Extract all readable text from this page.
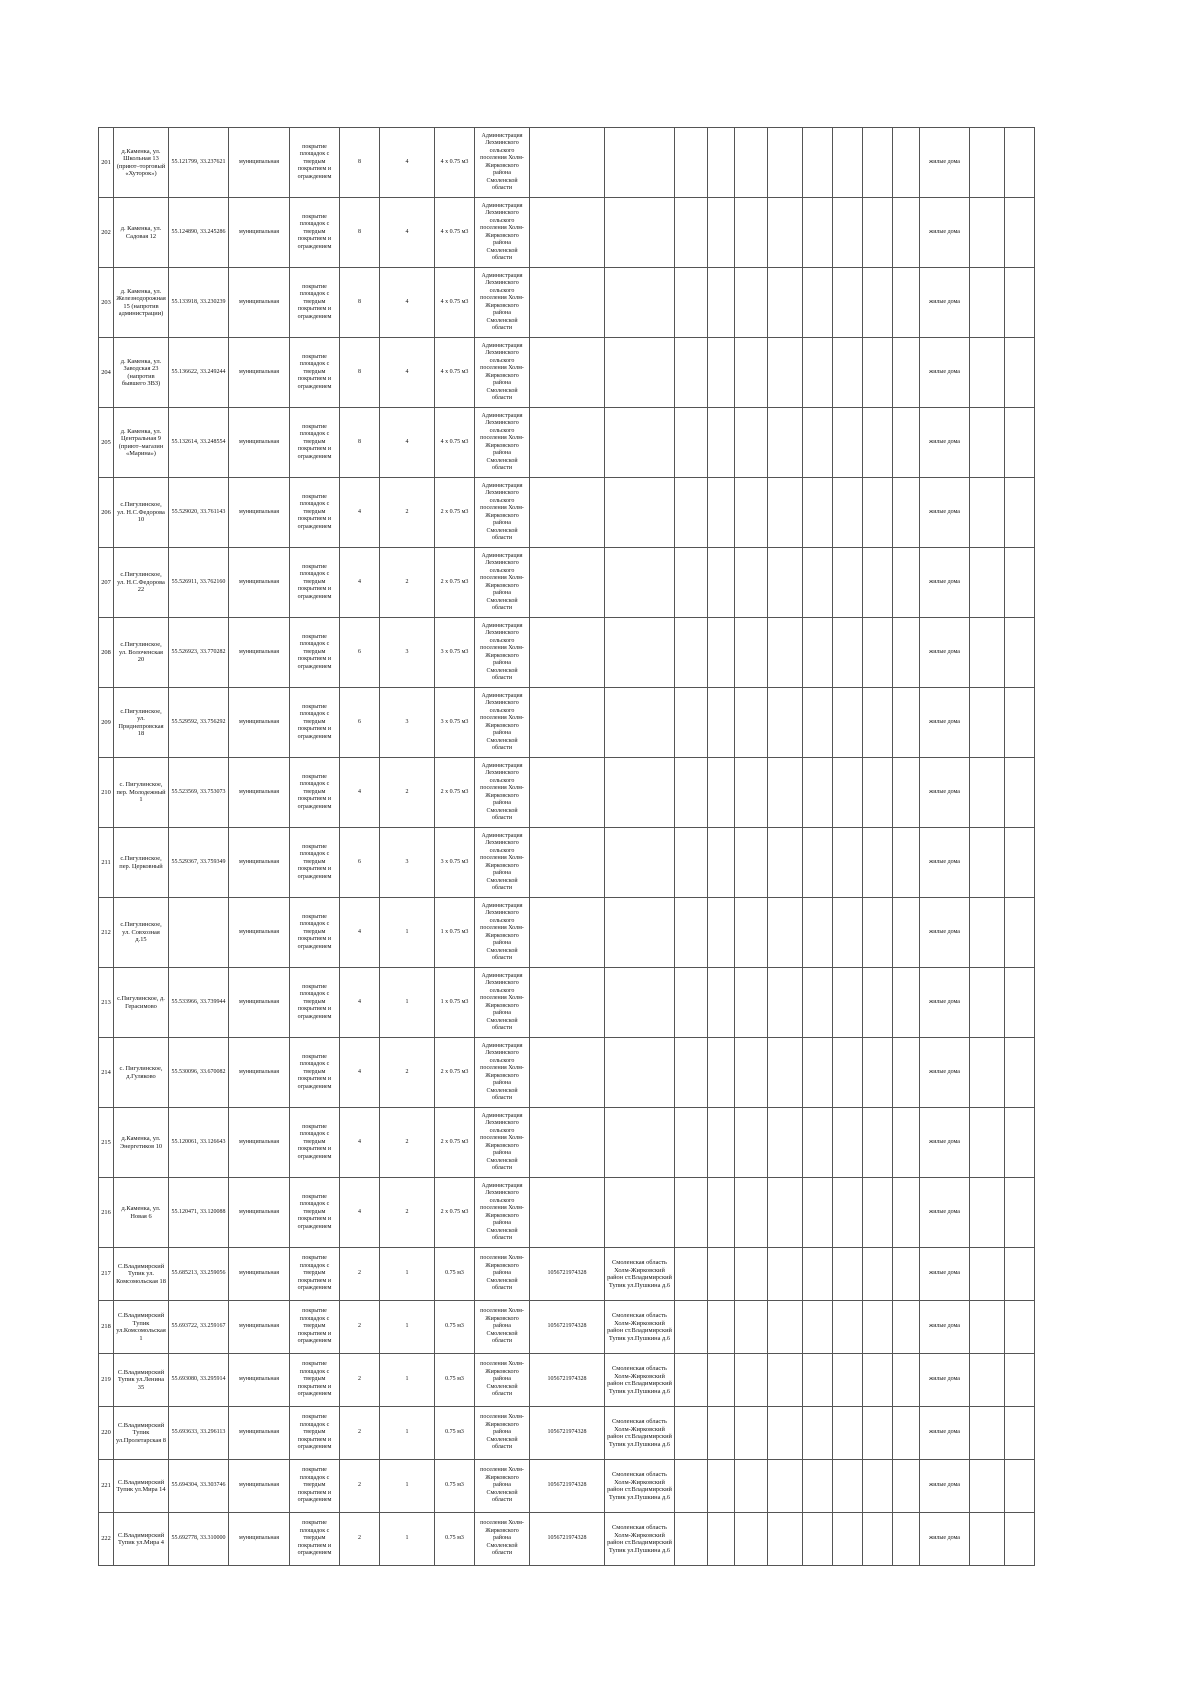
201	д.Каменка, ул. Школьная 13 (приют–торговый «Хуторок»)	55.121799, 33.237621	муниципальная	покрытие площадок с твердым покрытием и ограждением	8	4	4 х 0.75 м3	Администрация Лехминского сельского поселения Холм-Жирковского района Смоленской области											жилые дома		
202	д. Каменка, ул. Садовая 12	55.124890, 33.245286	муниципальная	покрытие площадок с твердым покрытием и ограждением	8	4	4 х 0.75 м3	Администрация Лехминского сельского поселения Холм-Жирковского района Смоленской области											жилые дома		
203	д. Каменка, ул. Железнодорожная 15 (напротив администрации)	55.133918, 33.230239	муниципальная	покрытие площадок с твердым покрытием и ограждением	8	4	4 х 0.75 м3	Администрация Лехминского сельского поселения Холм-Жирковского района Смоленской области											жилые дома		
204	д. Каменка, ул. Заводская 23 (напротив бывшего ЗВЗ)	55.136622, 33.249244	муниципальная	покрытие площадок с твердым покрытием и ограждением	8	4	4 х 0.75 м3	Администрация Лехминского сельского поселения Холм-Жирковского района Смоленской области											жилые дома		
205	д. Каменка, ул. Центральная 9 (приют–магазин «Марина»)	55.132614, 33.248554	муниципальная	покрытие площадок с твердым покрытием и ограждением	8	4	4 х 0.75 м3	Администрация Лехминского сельского поселения Холм-Жирковского района Смоленской области											жилые дома		
206	с.Пигулинское, ул. Н.С.Федорова 10	55.529020, 33.761143	муниципальная	покрытие площадок с твердым покрытием и ограждением	4	2	2 х 0.75 м3	Администрация Лехминского сельского поселения Холм-Жирковского района Смоленской области											жилые дома		
207	с.Пигулинское, ул. Н.С.Федорова 22	55.526911, 33.762160	муниципальная	покрытие площадок с твердым покрытием и ограждением	4	2	2 х 0.75 м3	Администрация Лехминского сельского поселения Холм-Жирковского района Смоленской области											жилые дома		
208	с.Пигулинское, ул. Волоченская 20	55.526923, 33.770282	муниципальная	покрытие площадок с твердым покрытием и ограждением	6	3	3 х 0.75 м3	Администрация Лехминского сельского поселения Холм-Жирковского района Смоленской области											жилые дома		
209	с.Пигулинское, ул. Приднепровская 18	55.529592, 33.756292	муниципальная	покрытие площадок с твердым покрытием и ограждением	6	3	3 х 0.75 м3	Администрация Лехминского сельского поселения Холм-Жирковского района Смоленской области											жилые дома		
210	с. Пигулинское, пер. Молодежный 1	55.523569, 33.753073	муниципальная	покрытие площадок с твердым покрытием и ограждением	4	2	2 х 0.75 м3	Администрация Лехминского сельского поселения Холм-Жирковского района Смоленской области											жилые дома		
211	с.Пигулинское, пер. Церковный	55.529367, 33.759349	муниципальная	покрытие площадок с твердым покрытием и ограждением	6	3	3 х 0.75 м3	Администрация Лехминского сельского поселения Холм-Жирковского района Смоленской области											жилые дома		
212	с.Пигулинское, ул. Совхозная д.15		муниципальная	покрытие площадок с твердым покрытием и ограждением	4	1	1 х 0.75 м3	Администрация Лехминского сельского поселения Холм-Жирковского района Смоленской области											жилые дома		
213	с.Пигулинское, д. Герасимово	55.533966, 33.739944	муниципальная	покрытие площадок с твердым покрытием и ограждением	4	1	1 х 0.75 м3	Администрация Лехминского сельского поселения Холм-Жирковского района Смоленской области											жилые дома		
214	с. Пигулинское, д.Гуляково	55.530096, 33.670082	муниципальная	покрытие площадок с твердым покрытием и ограждением	4	2	2 х 0.75 м3	Администрация Лехминского сельского поселения Холм-Жирковского района Смоленской области											жилые дома		
215	д.Каменка, ул. Энергетиков 10	55.120061, 33.126643	муниципальная	покрытие площадок с твердым покрытием и ограждением	4	2	2 х 0.75 м3	Администрация Лехминского сельского поселения Холм-Жирковского района Смоленской области											жилые дома		
216	д.Каменка, ул. Новая 6	55.120471, 33.120088	муниципальная	покрытие площадок с твердым покрытием и ограждением	4	2	2 х 0.75 м3	Администрация Лехминского сельского поселения Холм-Жирковского района Смоленской области											жилые дома		
217	С.Владимирский Тупик ул. Комсомольская 18	55.685213, 33.259056	муниципальная	покрытие площадок с твердым покрытием и ограждением	2	1	0.75 м3	поселения Холм-Жирковского района Смоленской области	1056721974328	Смоленская область Холм-Жирковский район ст.Владимирский Тупик ул.Пушкина д.6									жилые дома		
218	С.Владимирский Тупик ул.Комсомольская 1	55.693722, 33.259167	муниципальная	покрытие площадок с твердым покрытием и ограждением	2	1	0.75 м3	поселения Холм-Жирковского района Смоленской области	1056721974328	Смоленская область Холм-Жирковский район ст.Владимирский Тупик ул.Пушкина д.6									жилые дома		
219	С.Владимирский Тупик ул.Ленина 35	55.693080, 33.295914	муниципальная	покрытие площадок с твердым покрытием и ограждением	2	1	0.75 м3	поселения Холм-Жирковского района Смоленской области	1056721974328	Смоленская область Холм-Жирковский район ст.Владимирский Тупик ул.Пушкина д.6									жилые дома		
220	С.Владимирский Тупик ул.Пролетарская 8	55.693633, 33.296113	муниципальная	покрытие площадок с твердым покрытием и ограждением	2	1	0.75 м3	поселения Холм-Жирковского района Смоленской области	1056721974328	Смоленская область Холм-Жирковский район ст.Владимирский Тупик ул.Пушкина д.6									жилые дома		
221	С.Владимирский Тупик ул.Мира 14	55.694304, 33.303746	муниципальная	покрытие площадок с твердым покрытием и ограждением	2	1	0.75 м3	поселения Холм-Жирковского района Смоленской области	1056721974328	Смоленская область Холм-Жирковский район ст.Владимирский Тупик ул.Пушкина д.6									жилые дома		
222	С.Владимирский Тупик ул.Мира 4	55.692778, 33.310000	муниципальная	покрытие площадок с твердым покрытием и ограждением	2	1	0.75 м3	поселения Холм-Жирковского района Смоленской области	1056721974328	Смоленская область Холм-Жирковский район ст.Владимирский Тупик ул.Пушкина д.6									жилые дома		
